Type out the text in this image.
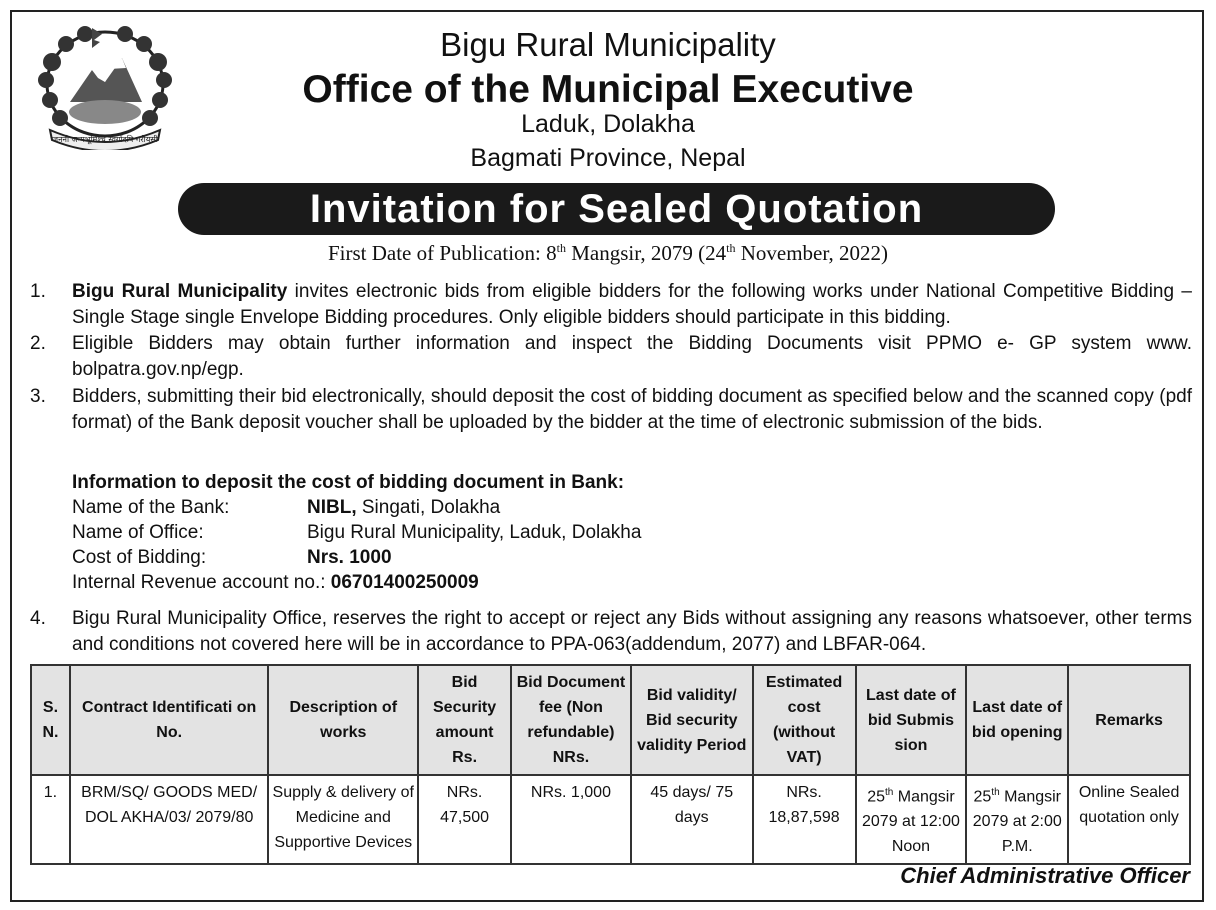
जननी जन्मभूमिश्च स्वर्गादपि गरीयसी
Bigu Rural Municipality
Office of the Municipal Executive
Laduk, Dolakha
Bagmati Province, Nepal
Invitation for Sealed Quotation
First Date of Publication: 8th Mangsir, 2079 (24th November, 2022)
1.	Bigu Rural Municipality invites electronic bids from eligible bidders for the following works under National Competitive Bidding – Single Stage single Envelope Bidding procedures. Only eligible bidders should participate in this bidding.
2.	Eligible Bidders may obtain further information and inspect the Bidding Documents visit PPMO e- GP system www. bolpatra.gov.np/egp.
3.	Bidders, submitting their bid electronically, should deposit the cost of bidding document as specified below and the scanned copy (pdf format) of the Bank deposit voucher shall be uploaded by the bidder at the time of electronic submission of the bids.
Information to deposit the cost of bidding document in Bank:
Name of the Bank:	NIBL, Singati, Dolakha
Name of Office:	Bigu Rural Municipality, Laduk, Dolakha
Cost of Bidding:	Nrs. 1000
Internal Revenue account no.: 06701400250009
4.	Bigu Rural Municipality Office, reserves the right to accept or reject any Bids without assigning any reasons whatsoever, other terms and conditions not covered here will be in accordance to PPA-063(addendum, 2077) and LBFAR-064.
S. N.	Contract Identificati on No.	Description of works	Bid Security amount Rs.	Bid Document fee (Non refundable) NRs.	Bid validity/ Bid security validity Period	Estimated cost (without VAT)	Last date of bid Submis sion	Last date of bid opening	Remarks
1.	BRM/SQ/ GOODS MED/ DOL AKHA/03/ 2079/80	Supply & delivery of Medicine and Supportive Devices	NRs. 47,500	NRs. 1,000	45 days/ 75 days	NRs. 18,87,598	25th Mangsir 2079 at 12:00 Noon	25th Mangsir 2079 at 2:00 P.M.	Online Sealed quotation only
Chief Administrative Officer
